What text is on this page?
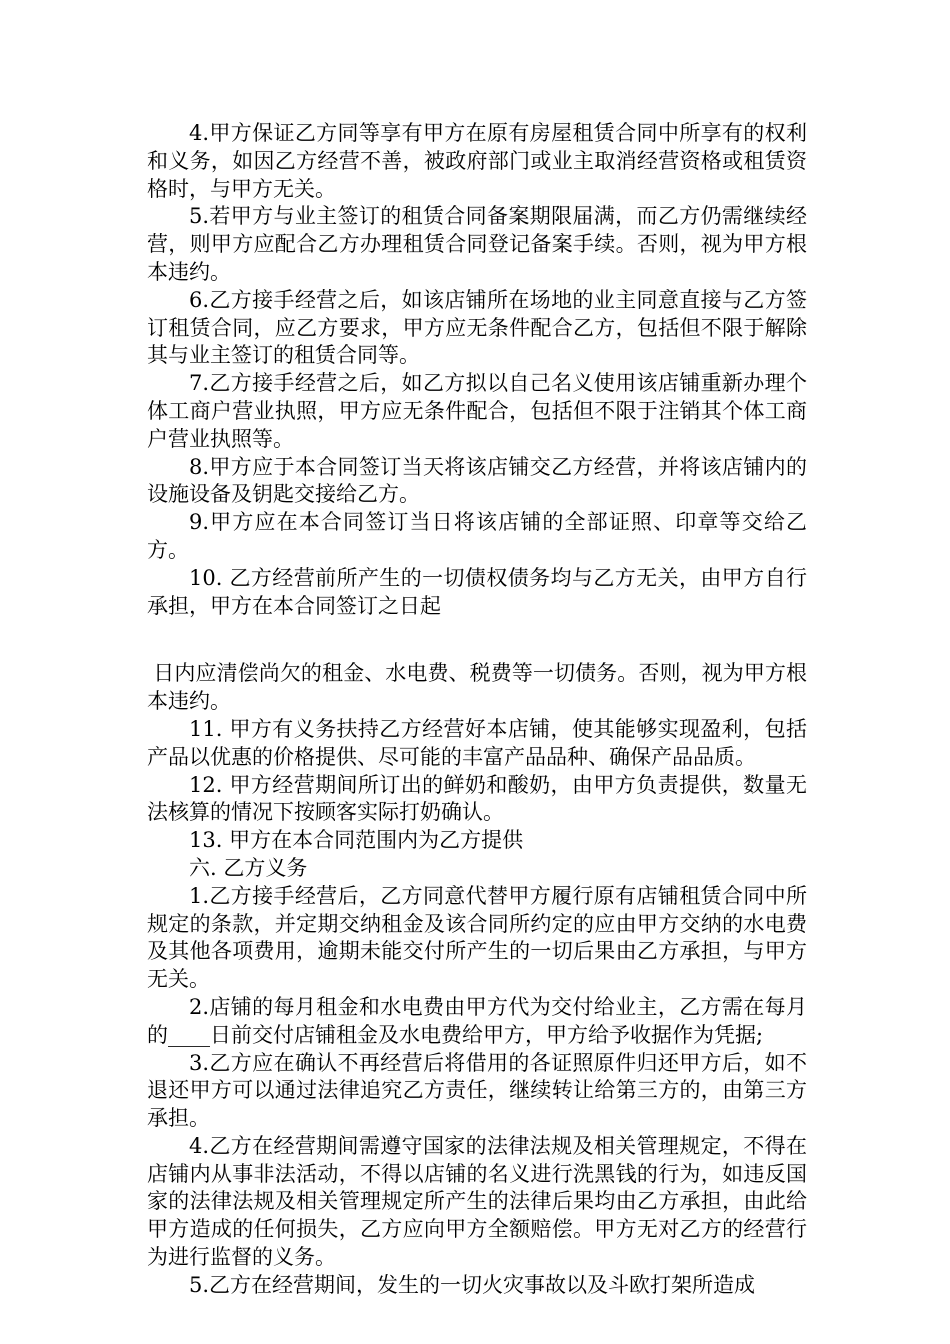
4.甲方保证乙方同等享有甲方在原有房屋租赁合同中所享有的权利和义务，如因乙方经营不善，被政府部门或业主取消经营资格或租赁资格时，与甲方无关。

5.若甲方与业主签订的租赁合同备案期限届满，而乙方仍需继续经营，则甲方应配合乙方办理租赁合同登记备案手续。否则，视为甲方根本违约。

6.乙方接手经营之后，如该店铺所在场地的业主同意直接与乙方签订租赁合同，应乙方要求，甲方应无条件配合乙方，包括但不限于解除其与业主签订的租赁合同等。

7.乙方接手经营之后，如乙方拟以自己名义使用该店铺重新办理个体工商户营业执照，甲方应无条件配合，包括但不限于注销其个体工商户营业执照等。

8.甲方应于本合同签订当天将该店铺交乙方经营，并将该店铺内的设施设备及钥匙交接给乙方。

9.甲方应在本合同签订当日将该店铺的全部证照、印章等交给乙方。

10. 乙方经营前所产生的一切债权债务均与乙方无关，由甲方自行承担，甲方在本合同签订之日起

日内应清偿尚欠的租金、水电费、税费等一切债务。否则，视为甲方根本违约。

11. 甲方有义务扶持乙方经营好本店铺，使其能够实现盈利，包括产品以优惠的价格提供、尽可能的丰富产品品种、确保产品品质。

12. 甲方经营期间所订出的鲜奶和酸奶，由甲方负责提供，数量无法核算的情况下按顾客实际打奶确认。

13. 甲方在本合同范围内为乙方提供

六. 乙方义务

1.乙方接手经营后，乙方同意代替甲方履行原有店铺租赁合同中所规定的条款，并定期交纳租金及该合同所约定的应由甲方交纳的水电费及其他各项费用，逾期未能交付所产生的一切后果由乙方承担，与甲方无关。

2.店铺的每月租金和水电费由甲方代为交付给业主，乙方需在每月的____日前交付店铺租金及水电费给甲方，甲方给予收据作为凭据;

3.乙方应在确认不再经营后将借用的各证照原件归还甲方后，如不退还甲方可以通过法律追究乙方责任，继续转让给第三方的，由第三方承担。

4.乙方在经营期间需遵守国家的法律法规及相关管理规定，不得在店铺内从事非法活动，不得以店铺的名义进行洗黑钱的行为，如违反国家的法律法规及相关管理规定所产生的法律后果均由乙方承担，由此给甲方造成的任何损失，乙方应向甲方全额赔偿。甲方无对乙方的经营行为进行监督的义务。

5.乙方在经营期间，发生的一切火灾事故以及斗欧打架所造成
